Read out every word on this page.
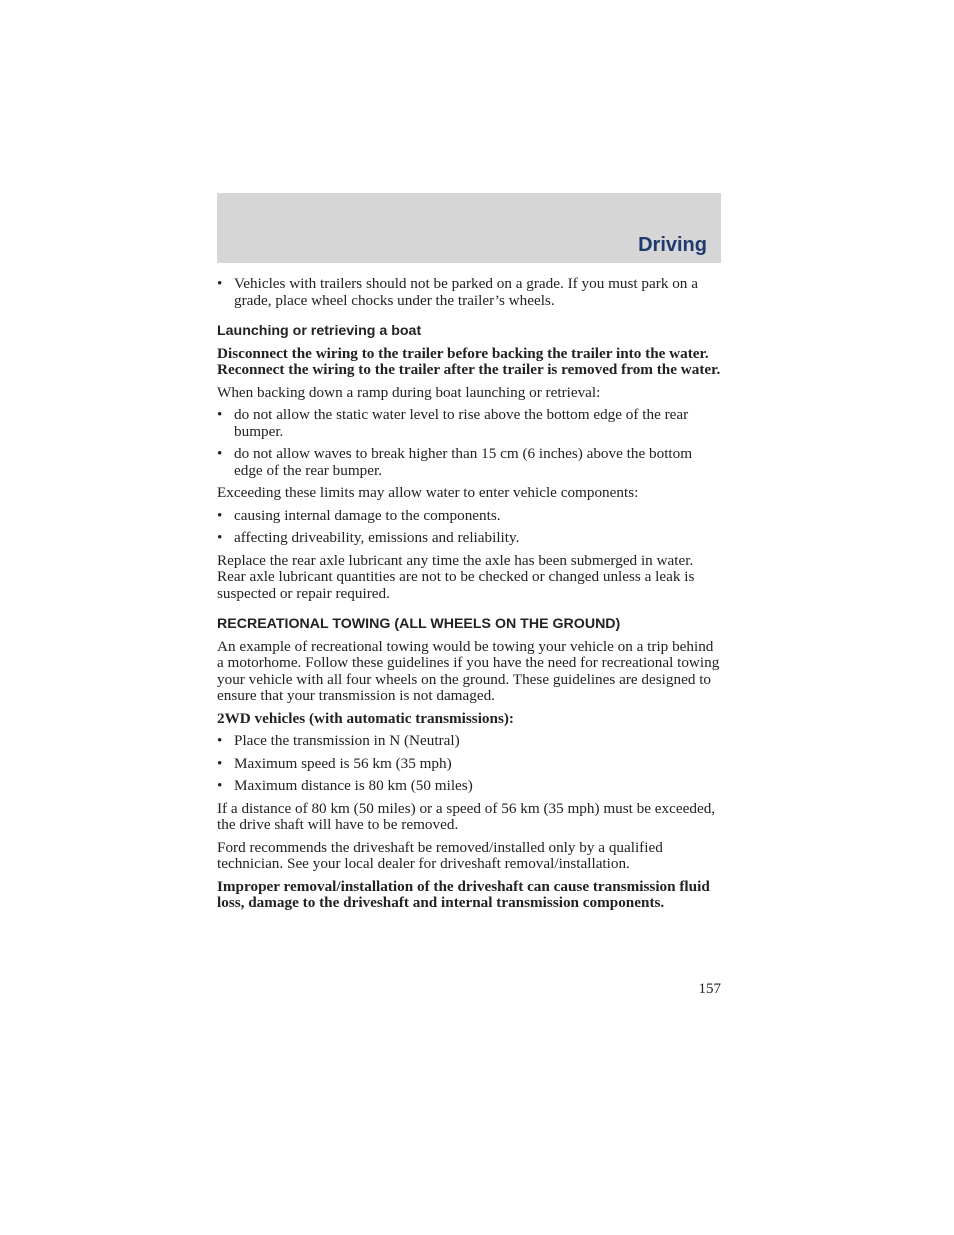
Driving
• Vehicles with trailers should not be parked on a grade. If you must park on a grade, place wheel chocks under the trailer’s wheels.
Launching or retrieving a boat

Disconnect the wiring to the trailer before backing the trailer into the water. Reconnect the wiring to the trailer after the trailer is removed from the water.

When backing down a ramp during boat launching or retrieval:

• do not allow the static water level to rise above the bottom edge of the rear bumper.
• do not allow waves to break higher than 15 cm (6 inches) above the bottom edge of the rear bumper.

Exceeding these limits may allow water to enter vehicle components:

• causing internal damage to the components.
• affecting driveability, emissions and reliability.

Replace the rear axle lubricant any time the axle has been submerged in water. Rear axle lubricant quantities are not to be checked or changed unless a leak is suspected or repair required.

RECREATIONAL TOWING (ALL WHEELS ON THE GROUND)

An example of recreational towing would be towing your vehicle on a trip behind a motorhome. Follow these guidelines if you have the need for recreational towing your vehicle with all four wheels on the ground. These guidelines are designed to ensure that your transmission is not damaged.

2WD vehicles (with automatic transmissions):

• Place the transmission in N (Neutral)
• Maximum speed is 56 km (35 mph)
• Maximum distance is 80 km (50 miles)

If a distance of 80 km (50 miles) or a speed of 56 km (35 mph) must be exceeded, the drive shaft will have to be removed.

Ford recommends the driveshaft be removed/installed only by a qualified technician. See your local dealer for driveshaft removal/installation.

Improper removal/installation of the driveshaft can cause transmission fluid loss, damage to the driveshaft and internal transmission components.

157
